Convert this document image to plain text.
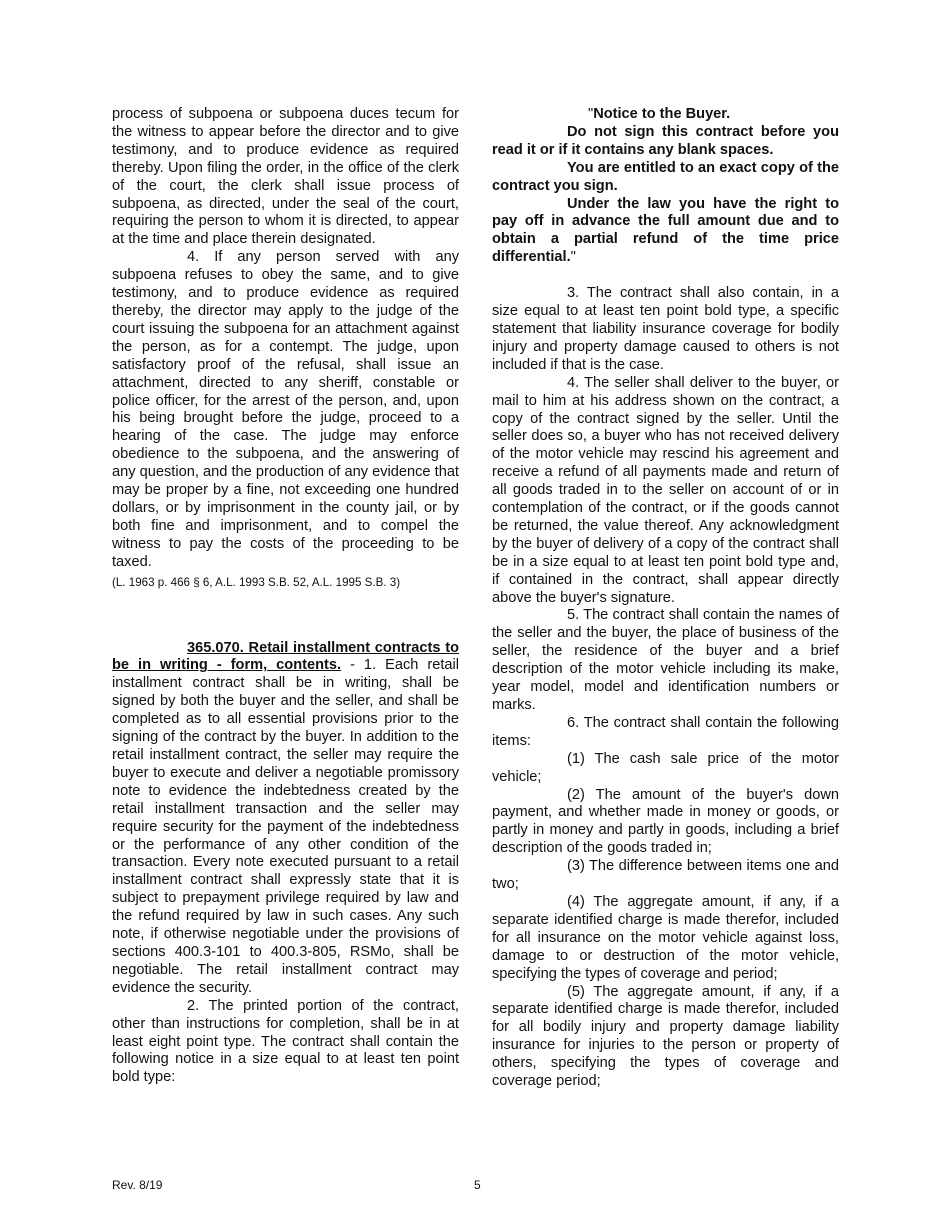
process of subpoena or subpoena duces tecum for the witness to appear before the director and to give testimony, and to produce evidence as required thereby. Upon filing the order, in the office of the clerk of the court, the clerk shall issue process of subpoena, as directed, under the seal of the court, requiring the person to whom it is directed, to appear at the time and place therein designated.

4. If any person served with any subpoena refuses to obey the same, and to give testimony, and to produce evidence as required thereby, the director may apply to the judge of the court issuing the subpoena for an attachment against the person, as for a contempt. The judge, upon satisfactory proof of the refusal, shall issue an attachment, directed to any sheriff, constable or police officer, for the arrest of the person, and, upon his being brought before the judge, proceed to a hearing of the case. The judge may enforce obedience to the subpoena, and the answering of any question, and the production of any evidence that may be proper by a fine, not exceeding one hundred dollars, or by imprisonment in the county jail, or by both fine and imprisonment, and to compel the witness to pay the costs of the proceeding to be taxed.

(L. 1963 p. 466 § 6, A.L. 1993 S.B. 52, A.L. 1995 S.B. 3)

365.070. Retail installment contracts to be in writing - form, contents. - 1. Each retail installment contract shall be in writing, shall be signed by both the buyer and the seller, and shall be completed as to all essential provisions prior to the signing of the contract by the buyer. In addition to the retail installment contract, the seller may require the buyer to execute and deliver a negotiable promissory note to evidence the indebtedness created by the retail installment transaction and the seller may require security for the payment of the indebtedness or the performance of any other condition of the transaction. Every note executed pursuant to a retail installment contract shall expressly state that it is subject to prepayment privilege required by law and the refund required by law in such cases. Any such note, if otherwise negotiable under the provisions of sections 400.3-101 to 400.3-805, RSMo, shall be negotiable. The retail installment contract may evidence the security.

2. The printed portion of the contract, other than instructions for completion, shall be in at least eight point type. The contract shall contain the following notice in a size equal to at least ten point bold type:

"Notice to the Buyer.

Do not sign this contract before you read it or if it contains any blank spaces.

You are entitled to an exact copy of the contract you sign.

Under the law you have the right to pay off in advance the full amount due and to obtain a partial refund of the time price differential."

3. The contract shall also contain, in a size equal to at least ten point bold type, a specific statement that liability insurance coverage for bodily injury and property damage caused to others is not included if that is the case.

4. The seller shall deliver to the buyer, or mail to him at his address shown on the contract, a copy of the contract signed by the seller. Until the seller does so, a buyer who has not received delivery of the motor vehicle may rescind his agreement and receive a refund of all payments made and return of all goods traded in to the seller on account of or in contemplation of the contract, or if the goods cannot be returned, the value thereof. Any acknowledgment by the buyer of delivery of a copy of the contract shall be in a size equal to at least ten point bold type and, if contained in the contract, shall appear directly above the buyer's signature.

5. The contract shall contain the names of the seller and the buyer, the place of business of the seller, the residence of the buyer and a brief description of the motor vehicle including its make, year model, model and identification numbers or marks.

6. The contract shall contain the following items:

(1) The cash sale price of the motor vehicle;

(2) The amount of the buyer's down payment, and whether made in money or goods, or partly in money and partly in goods, including a brief description of the goods traded in;

(3) The difference between items one and two;

(4) The aggregate amount, if any, if a separate identified charge is made therefor, included for all insurance on the motor vehicle against loss, damage to or destruction of the motor vehicle, specifying the types of coverage and period;

(5) The aggregate amount, if any, if a separate identified charge is made therefor, included for all bodily injury and property damage liability insurance for injuries to the person or property of others, specifying the types of coverage and coverage period;

Rev. 8/19	5
